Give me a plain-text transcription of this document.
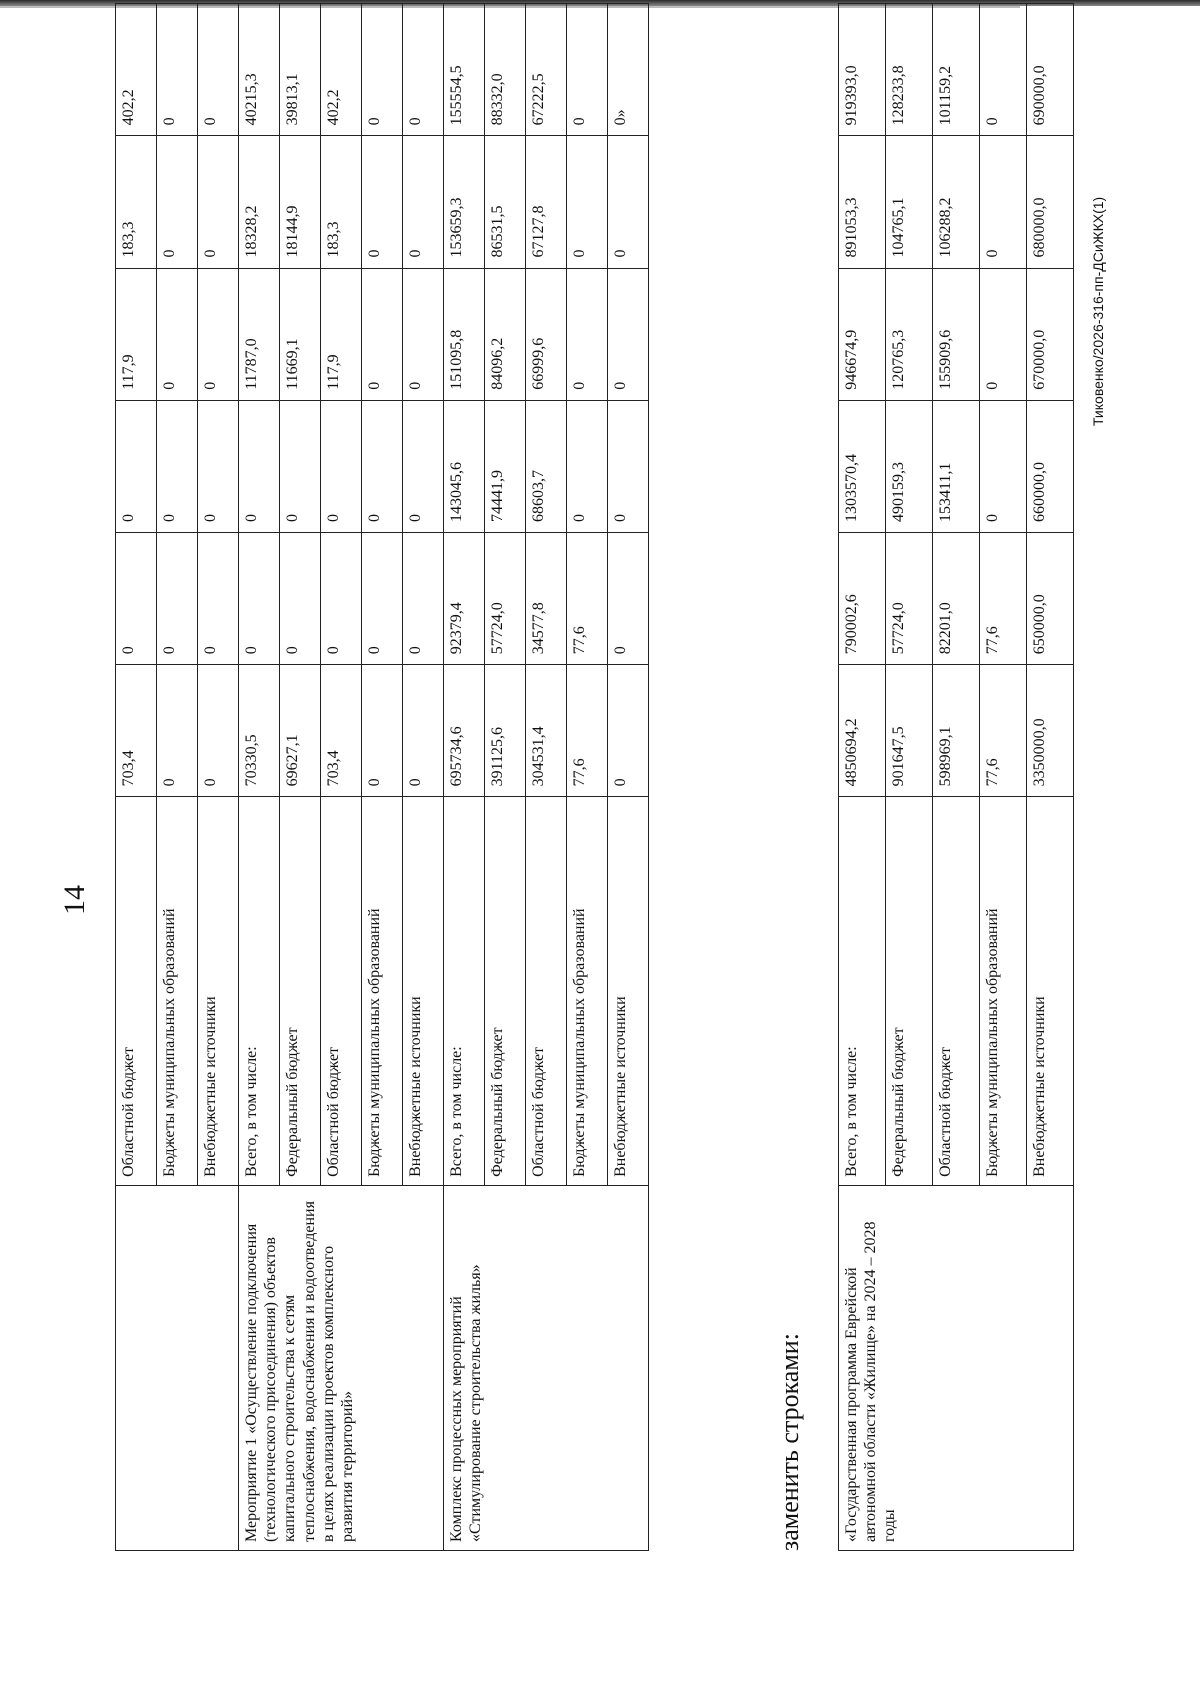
14
	Областной бюджет	703,4	0	0	117,9	183,3	402,2
	Бюджеты муниципальных образований	0	0	0	0	0	0
	Внебюджетные источники	0	0	0	0	0	0
Мероприятие 1 «Осуществление подключения (технологического присоединения) объектов капитального строительства к сетям теплоснабжения, водоснабжения и водоотведения в целях реализации проектов комплексного развития территорий»	Всего, в том числе:	70330,5	0	0	11787,0	18328,2	40215,3
	Федеральный бюджет	69627,1	0	0	11669,1	18144,9	39813,1
	Областной бюджет	703,4	0	0	117,9	183,3	402,2
	Бюджеты муниципальных образований	0	0	0	0	0	0
	Внебюджетные источники	0	0	0	0	0	0
Комплекс процессных мероприятий «Стимулирование строительства жилья»	Всего, в том числе:	695734,6	92379,4	143045,6	151095,8	153659,3	155554,5
	Федеральный бюджет	391125,6	57724,0	74441,9	84096,2	86531,5	88332,0
	Областной бюджет	304531,4	34577,8	68603,7	66999,6	67127,8	67222,5
	Бюджеты муниципальных образований	77,6	77,6	0	0	0	0
	Внебюджетные источники	0	0	0	0	0	0»
заменить строками: «Государственная программа Еврейской автономной области «Жилище» на 2024 – 2028 годы	Всего, в том числе:	4850694,2	790002,6	1303570,4	946674,9	891053,3	919393,0
	Федеральный бюджет	901647,5	57724,0	490159,3	120765,3	104765,1	128233,8
	Областной бюджет	598969,1	82201,0	153411,1	155909,6	106288,2	101159,2
	Бюджеты муниципальных образований	77,6	77,6	0	0	0	0
	Внебюджетные источники	3350000,0	650000,0	660000,0	670000,0	680000,0	690000,0
Тиковенко/2026-316-пп-ДСиЖКХ(1)
